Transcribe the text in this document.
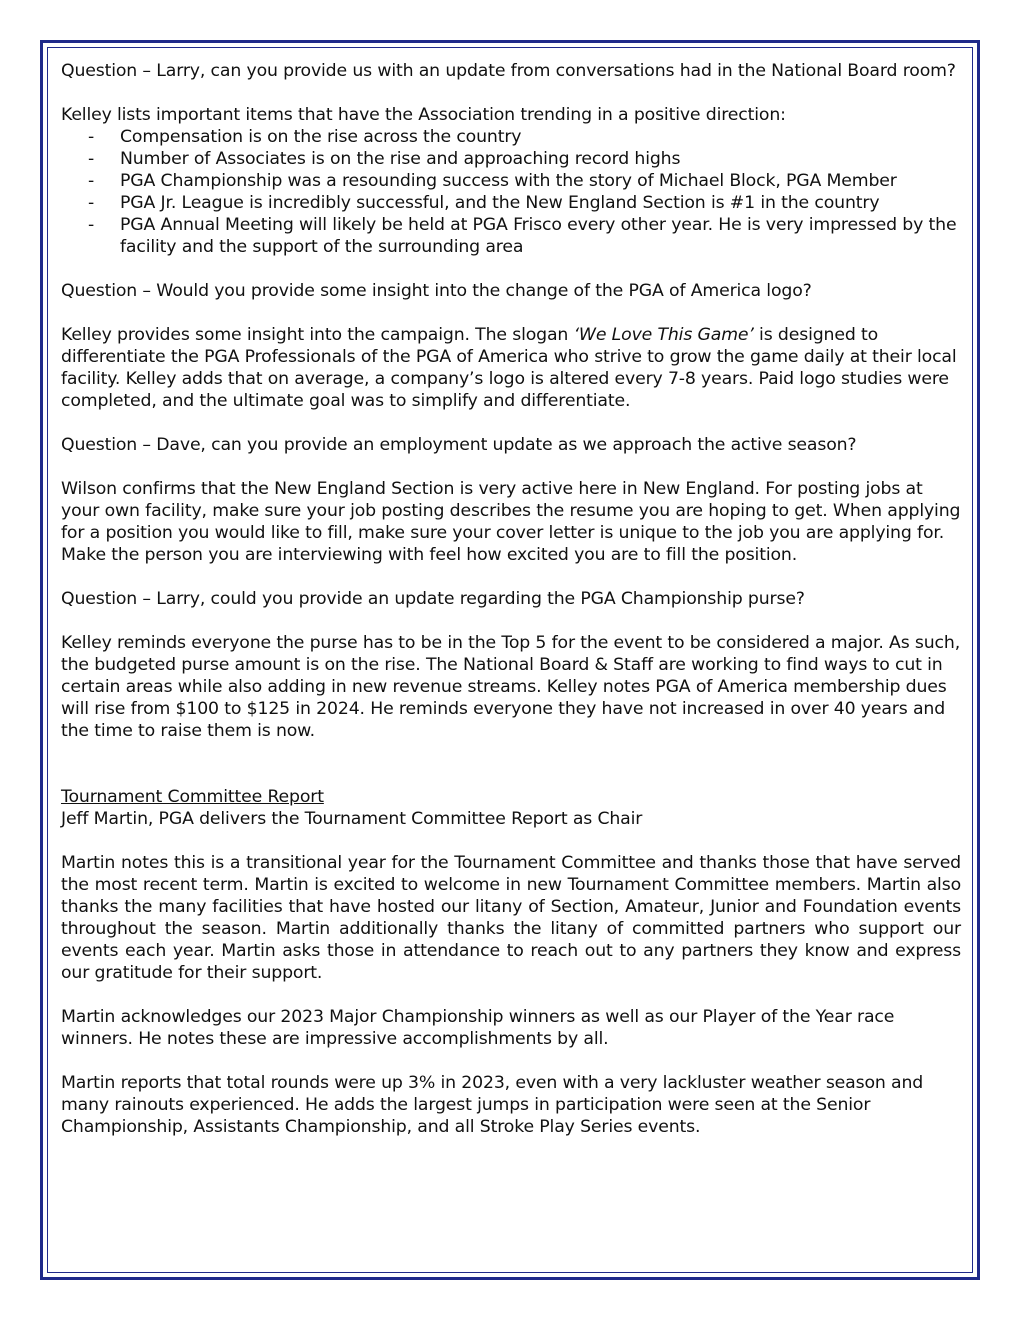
Question – Larry, can you provide us with an update from conversations had in the National Board room?

Kelley lists important items that have the Association trending in a positive direction:
- Compensation is on the rise across the country
- Number of Associates is on the rise and approaching record highs
- PGA Championship was a resounding success with the story of Michael Block, PGA Member
- PGA Jr. League is incredibly successful, and the New England Section is #1 in the country
- PGA Annual Meeting will likely be held at PGA Frisco every other year. He is very impressed by the facility and the support of the surrounding area

Question – Would you provide some insight into the change of the PGA of America logo?

Kelley provides some insight into the campaign. The slogan ‘We Love This Game’ is designed to differentiate the PGA Professionals of the PGA of America who strive to grow the game daily at their local facility. Kelley adds that on average, a company’s logo is altered every 7-8 years. Paid logo studies were completed, and the ultimate goal was to simplify and differentiate.

Question – Dave, can you provide an employment update as we approach the active season?

Wilson confirms that the New England Section is very active here in New England. For posting jobs at your own facility, make sure your job posting describes the resume you are hoping to get. When applying for a position you would like to fill, make sure your cover letter is unique to the job you are applying for. Make the person you are interviewing with feel how excited you are to fill the position.

Question – Larry, could you provide an update regarding the PGA Championship purse?

Kelley reminds everyone the purse has to be in the Top 5 for the event to be considered a major. As such, the budgeted purse amount is on the rise. The National Board & Staff are working to find ways to cut in certain areas while also adding in new revenue streams. Kelley notes PGA of America membership dues will rise from $100 to $125 in 2024. He reminds everyone they have not increased in over 40 years and the time to raise them is now.

Tournament Committee Report

Jeff Martin, PGA delivers the Tournament Committee Report as Chair

Martin notes this is a transitional year for the Tournament Committee and thanks those that have served the most recent term. Martin is excited to welcome in new Tournament Committee members. Martin also thanks the many facilities that have hosted our litany of Section, Amateur, Junior and Foundation events throughout the season. Martin additionally thanks the litany of committed partners who support our events each year. Martin asks those in attendance to reach out to any partners they know and express our gratitude for their support.

Martin acknowledges our 2023 Major Championship winners as well as our Player of the Year race winners. He notes these are impressive accomplishments by all.

Martin reports that total rounds were up 3% in 2023, even with a very lackluster weather season and many rainouts experienced. He adds the largest jumps in participation were seen at the Senior Championship, Assistants Championship, and all Stroke Play Series events.
